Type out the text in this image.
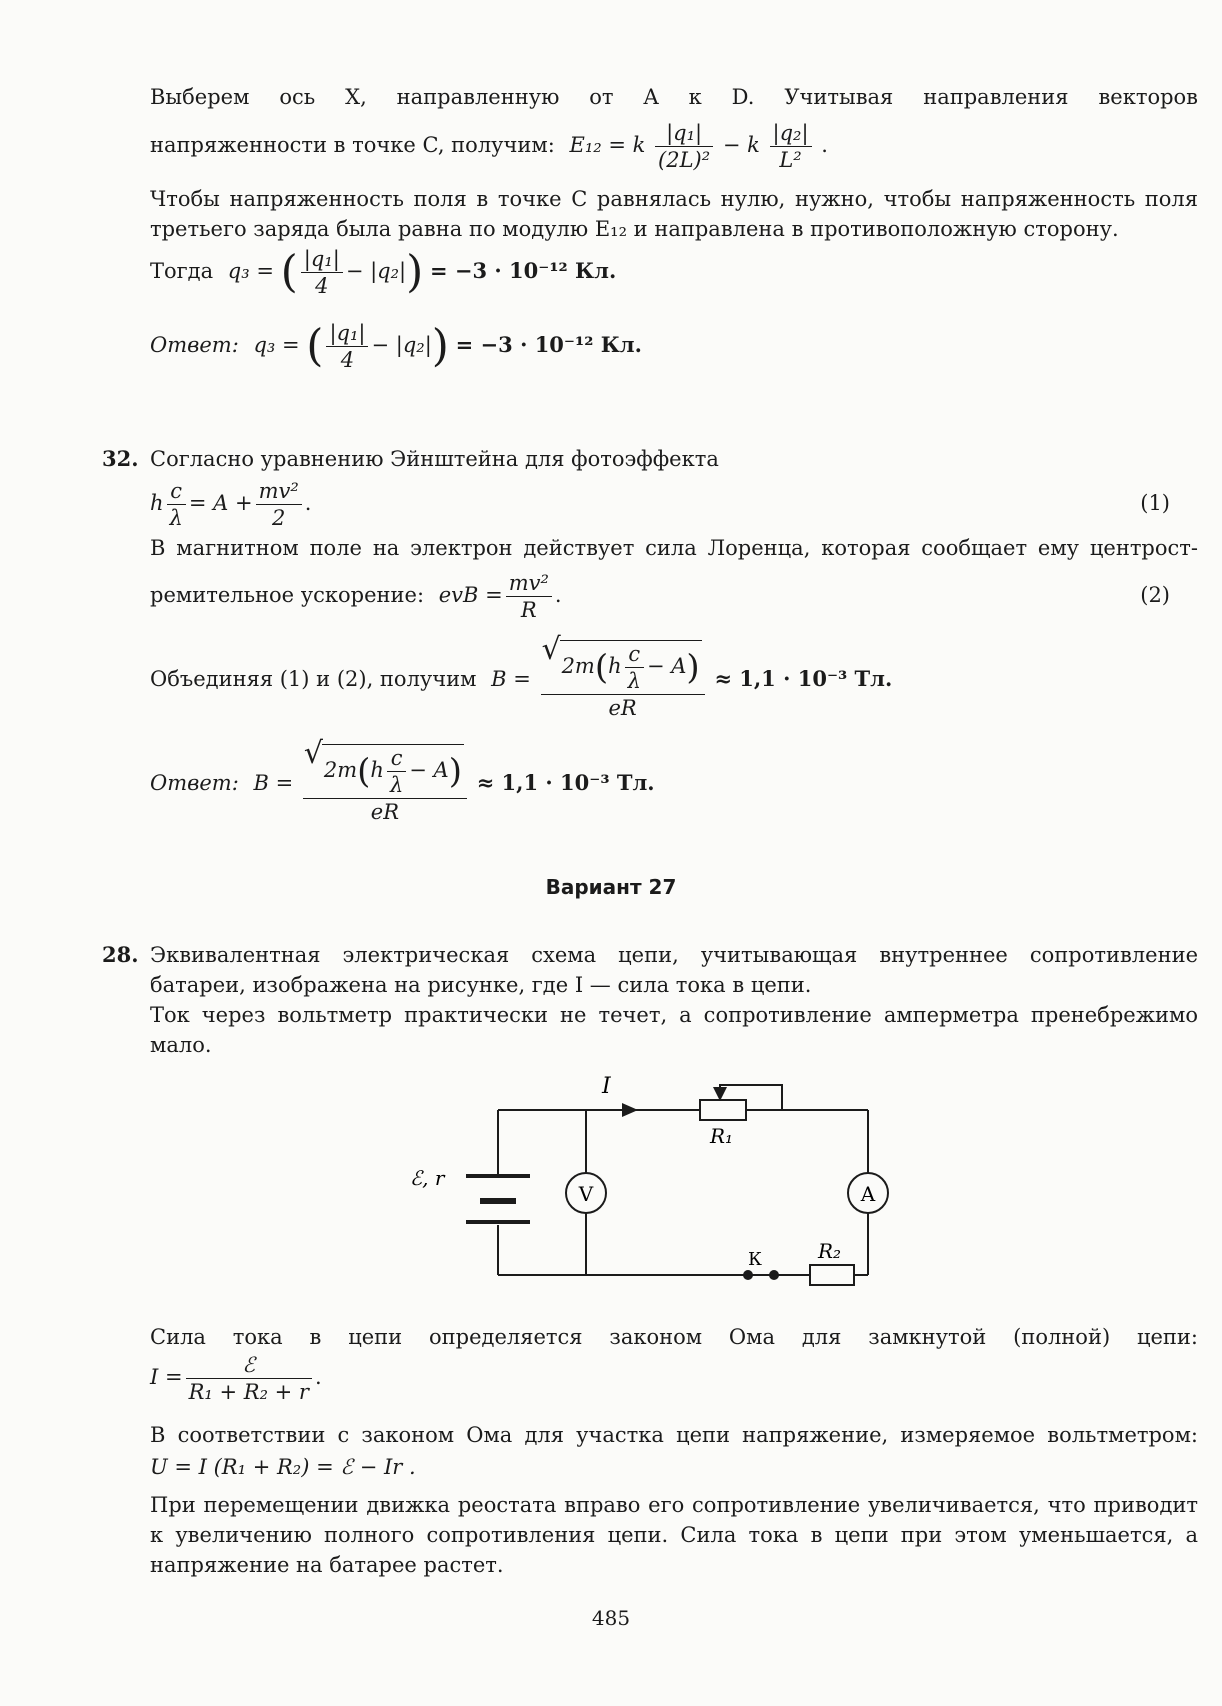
Выберем ось X, направленную от A к D. Учитывая направления векторов
напряженности в точке C, получим: E₁₂ = k $\frac{\text{|q₁|}}{\text{(2L)²}} - k \frac{\text{|q₂|}}{\text{L²}}$ .
Чтобы напряженность поля в точке C равнялась нулю, нужно, чтобы напряженность поля третьего заряда была равна по модулю E₁₂ и направлена в противоположную сторону.
Тогда q₃ = ( $\frac{\text{|q₁|}}{4} - |q_2|) = -3 \cdot 10^{-12}$ Кл.
Ответ: q₃ = ( $\frac{\text{|q₁|}}{4} - |q_2|) = -3 \cdot 10^{-12}$ Кл.
32. Согласно уравнению Эйнштейна для фотоэффекта
h $\frac{c}{\lambda} = A + \frac{\text{mv²}}{2}$ .	(1)
В магнитном поле на электрон действует сила Лоренца, которая сообщает ему центрост-
ремительное ускорение: evB = $\frac{\text{mv²}}{R}$ .	(2)
Объединяя (1) и (2), получим B =
√ $2m(h \frac{c}{\lambda} - A)$
eR
≈ 1,1 · 10⁻³ Тл.
Ответ: B =
√ $2m(h \frac{c}{\lambda} - A)$
eR
≈ 1,1 · 10⁻³ Тл.
Вариант 27
28. Эквивалентная электрическая схема цепи, учитывающая внутреннее сопротивление батареи, изображена на рисунке, где I — сила тока в цепи.
Ток через вольтметр практически не течет, а сопротивление амперметра пренебрежимо мало.
V	A
I
R₁
R₂
ℰ, r
К
Сила тока в цепи определяется законом Ома для замкнутой (полной) цепи:
I =	ℰ
R₁ + R₂ + r
.
В соответствии с законом Ома для участка цепи напряжение, измеряемое вольтметром:
U = I (R₁ + R₂) = ℰ − Ir .
При перемещении движка реостата вправо его сопротивление увеличивается, что приводит к увеличению полного сопротивления цепи. Сила тока в цепи при этом уменьшается, а напряжение на батарее растет.
485
